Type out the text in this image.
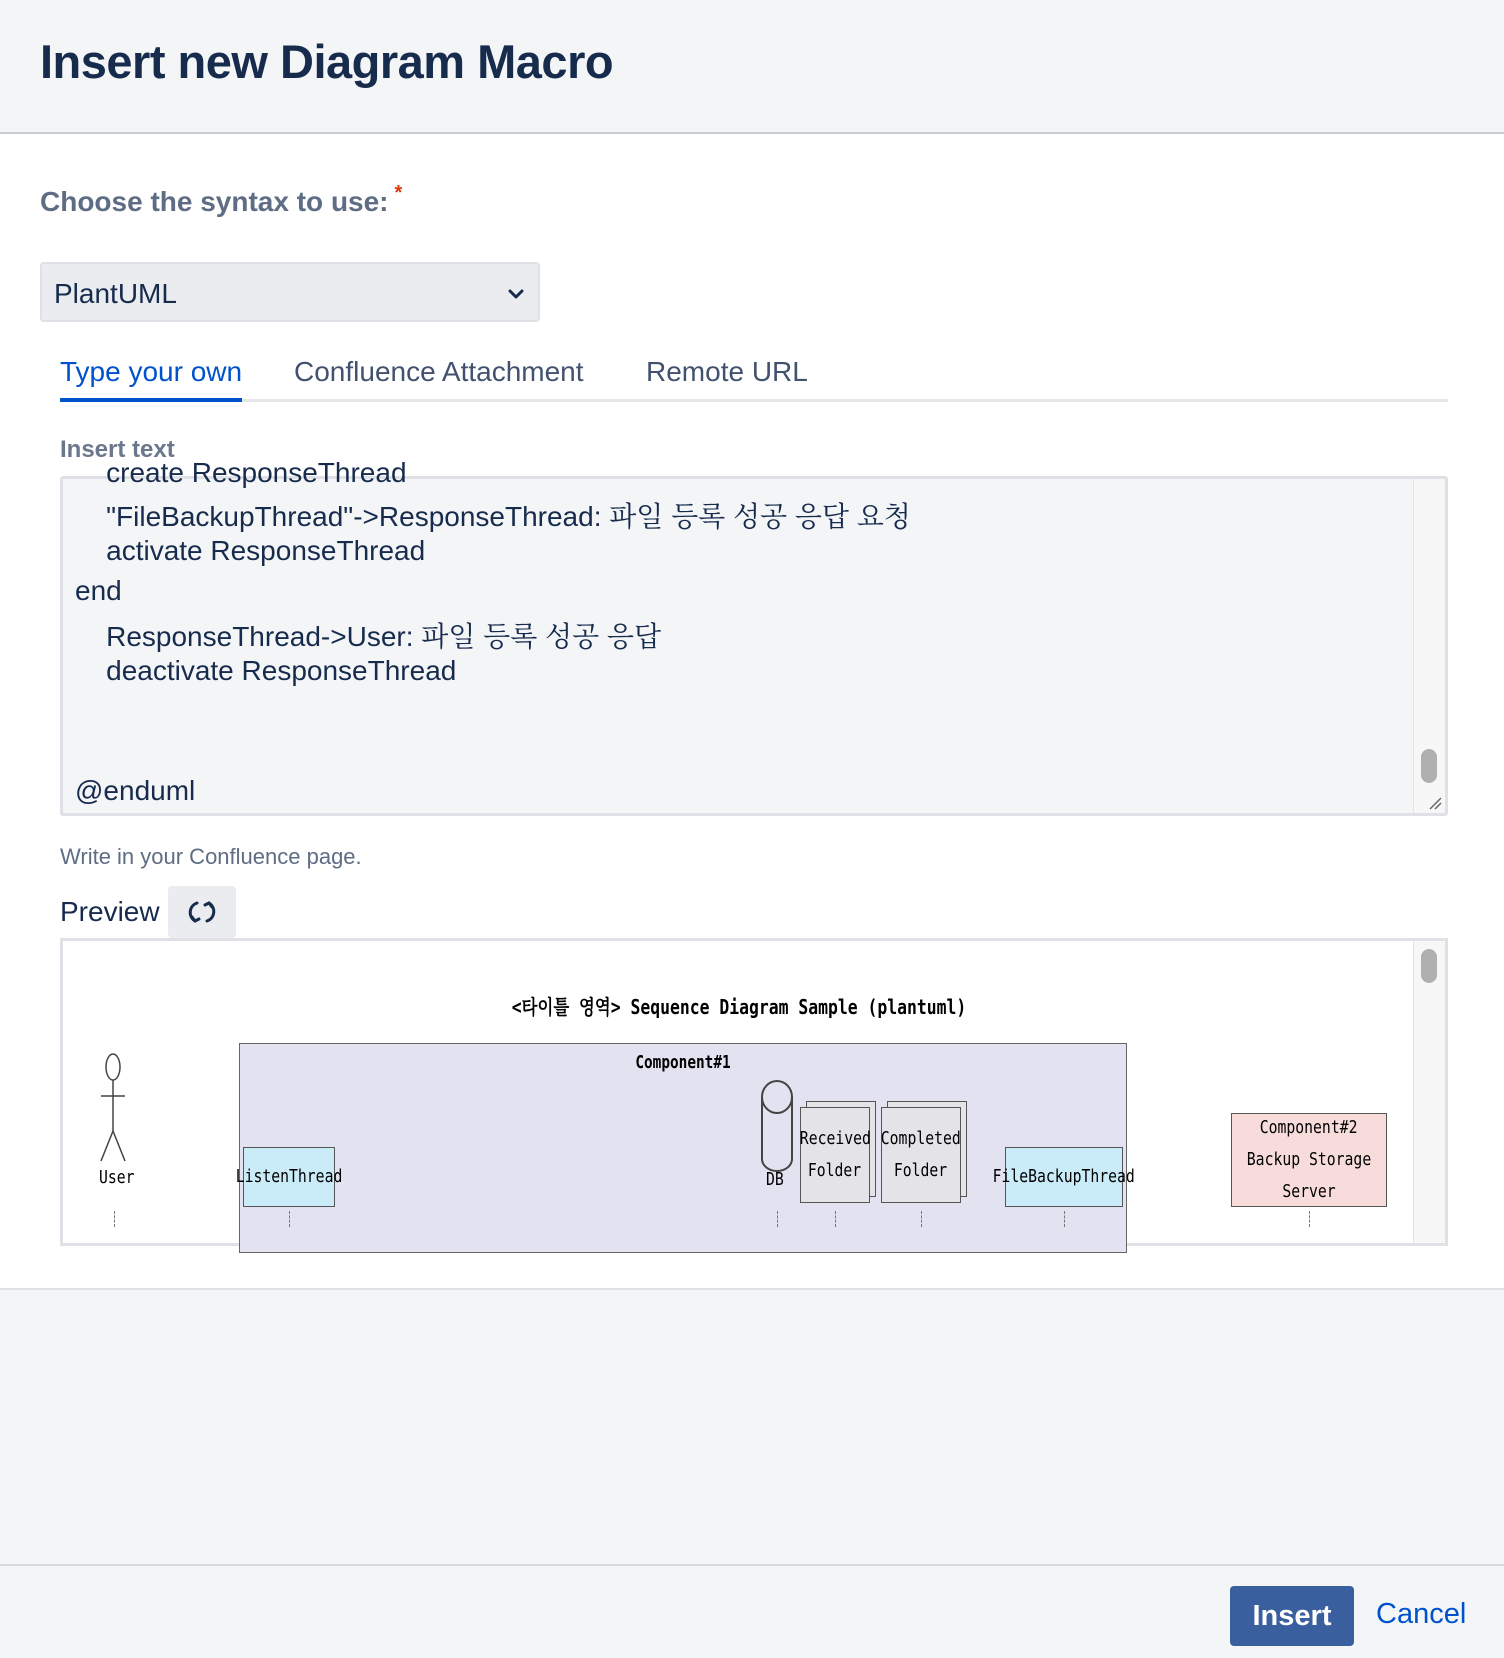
Insert new Diagram Macro
Choose the syntax to use: *
PlantUML
Type your own Confluence Attachment Remote URL
Insert text
create ResponseThread
"FileBackupThread"->ResponseThread: 파일 등록 성공 응답 요청
activate ResponseThread
end
ResponseThread->User: 파일 등록 성공 응답
deactivate ResponseThread
@enduml
Write in your Confluence page.
Preview
<타이틀 영역> Sequence Diagram Sample (plantuml)
User
Component#1
ListenThread	DB
Received
Folder
Completed
Folder	FileBackupThread
Component#2
Backup Storage Server
Insert	Cancel
